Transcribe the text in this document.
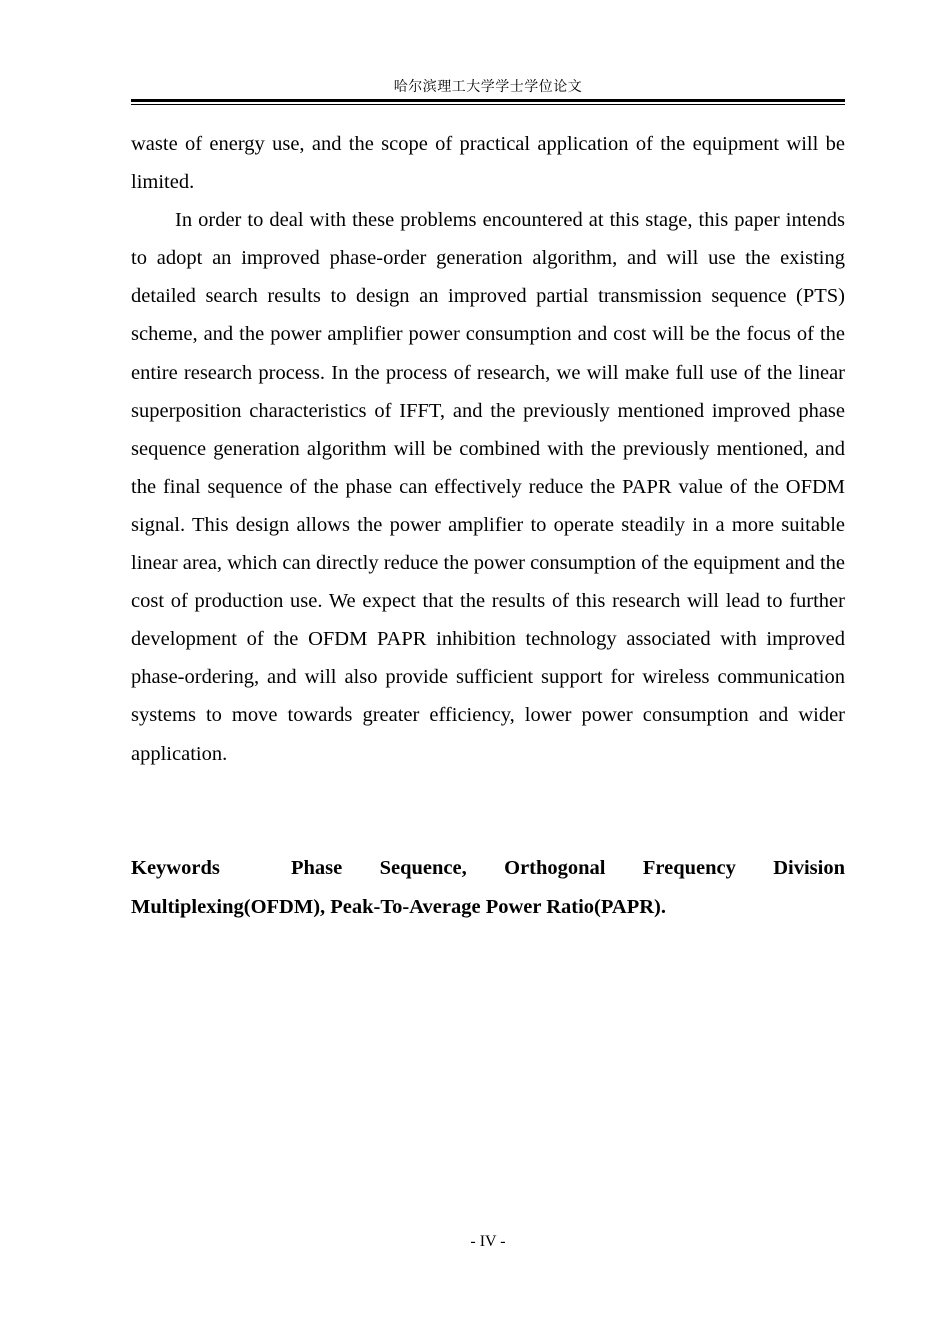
哈尔滨理工大学学士学位论文

waste of energy use, and the scope of practical application of the equipment will be limited.

In order to deal with these problems encountered at this stage, this paper intends to adopt an improved phase-order generation algorithm, and will use the existing detailed search results to design an improved partial transmission sequence (PTS) scheme, and the power amplifier power consumption and cost will be the focus of the entire research process. In the process of research, we will make full use of the linear superposition characteristics of IFFT, and the previously mentioned improved phase sequence generation algorithm will be combined with the previously mentioned, and the final sequence of the phase can effectively reduce the PAPR value of the OFDM signal. This design allows the power amplifier to operate steadily in a more suitable linear area, which can directly reduce the power consumption of the equipment and the cost of production use. We expect that the results of this research will lead to further development of the OFDM PAPR inhibition technology associated with improved phase-ordering, and will also provide sufficient support for wireless communication systems to move towards greater efficiency, lower power consumption and wider application.

Keywords	Phase Sequence, Orthogonal Frequency Division Multiplexing(OFDM), Peak-To-Average Power Ratio(PAPR).
- IV -
